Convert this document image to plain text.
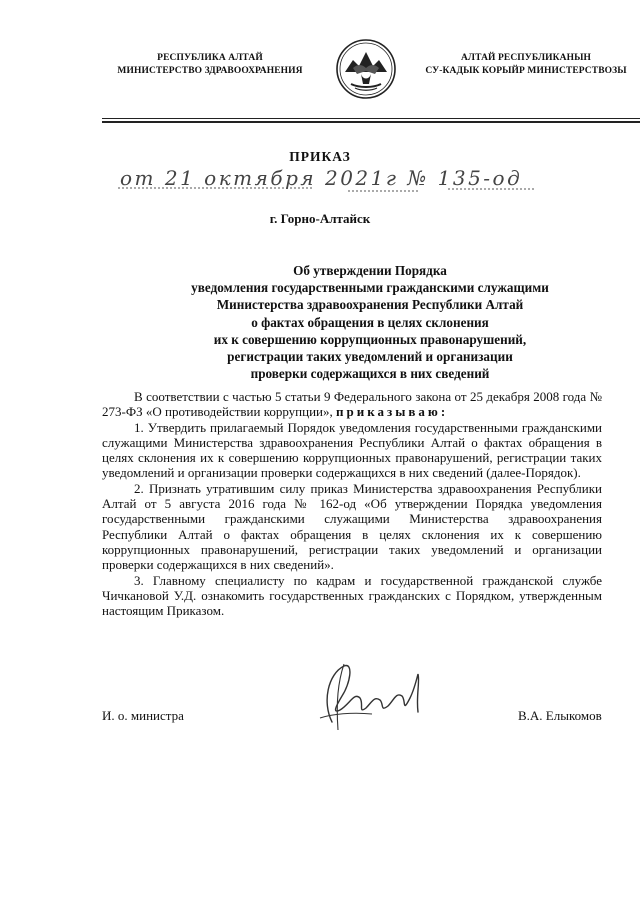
РЕСПУБЛИКА АЛТАЙ
МИНИСТЕРСТВО ЗДРАВООХРАНЕНИЯ
АЛТАЙ РЕСПУБЛИКАНЫН
СУ-КАДЫК КОРЫЙР МИНИСТЕРСТВОЗЫ
ПРИКАЗ
от 21 октября 2021г № 135-од
г. Горно-Алтайск
Об утверждении Порядка
уведомления государственными гражданскими служащими
Министерства здравоохранения Республики Алтай
о фактах обращения в целях склонения
их к совершению коррупционных правонарушений,
регистрации таких уведомлений и организации
проверки содержащихся в них сведений

В соответствии с частью 5 статьи 9 Федерального закона от 25 декабря 2008 года № 273-ФЗ «О противодействии коррупции», приказываю:

1. Утвердить прилагаемый Порядок уведомления государственными гражданскими служащими Министерства здравоохранения Республики Алтай о фактах обращения в целях склонения их к совершению коррупционных правонарушений, регистрации таких уведомлений и организации проверки содержащихся в них сведений (далее-Порядок).

2. Признать утратившим силу приказ Министерства здравоохранения Республики Алтай от 5 августа 2016 года № 162-од «Об утверждении Порядка уведомления государственными гражданскими служащими Министерства здравоохранения Республики Алтай о фактах обращения в целях склонения их к совершению коррупционных правонарушений, регистрации таких уведомлений и организации проверки содержащихся в них сведений».

3. Главному специалисту по кадрам и государственной гражданской службе Чичкановой У.Д. ознакомить государственных гражданских с Порядком, утвержденным настоящим Приказом.

И. о. министра	В.А. Елыкомов
